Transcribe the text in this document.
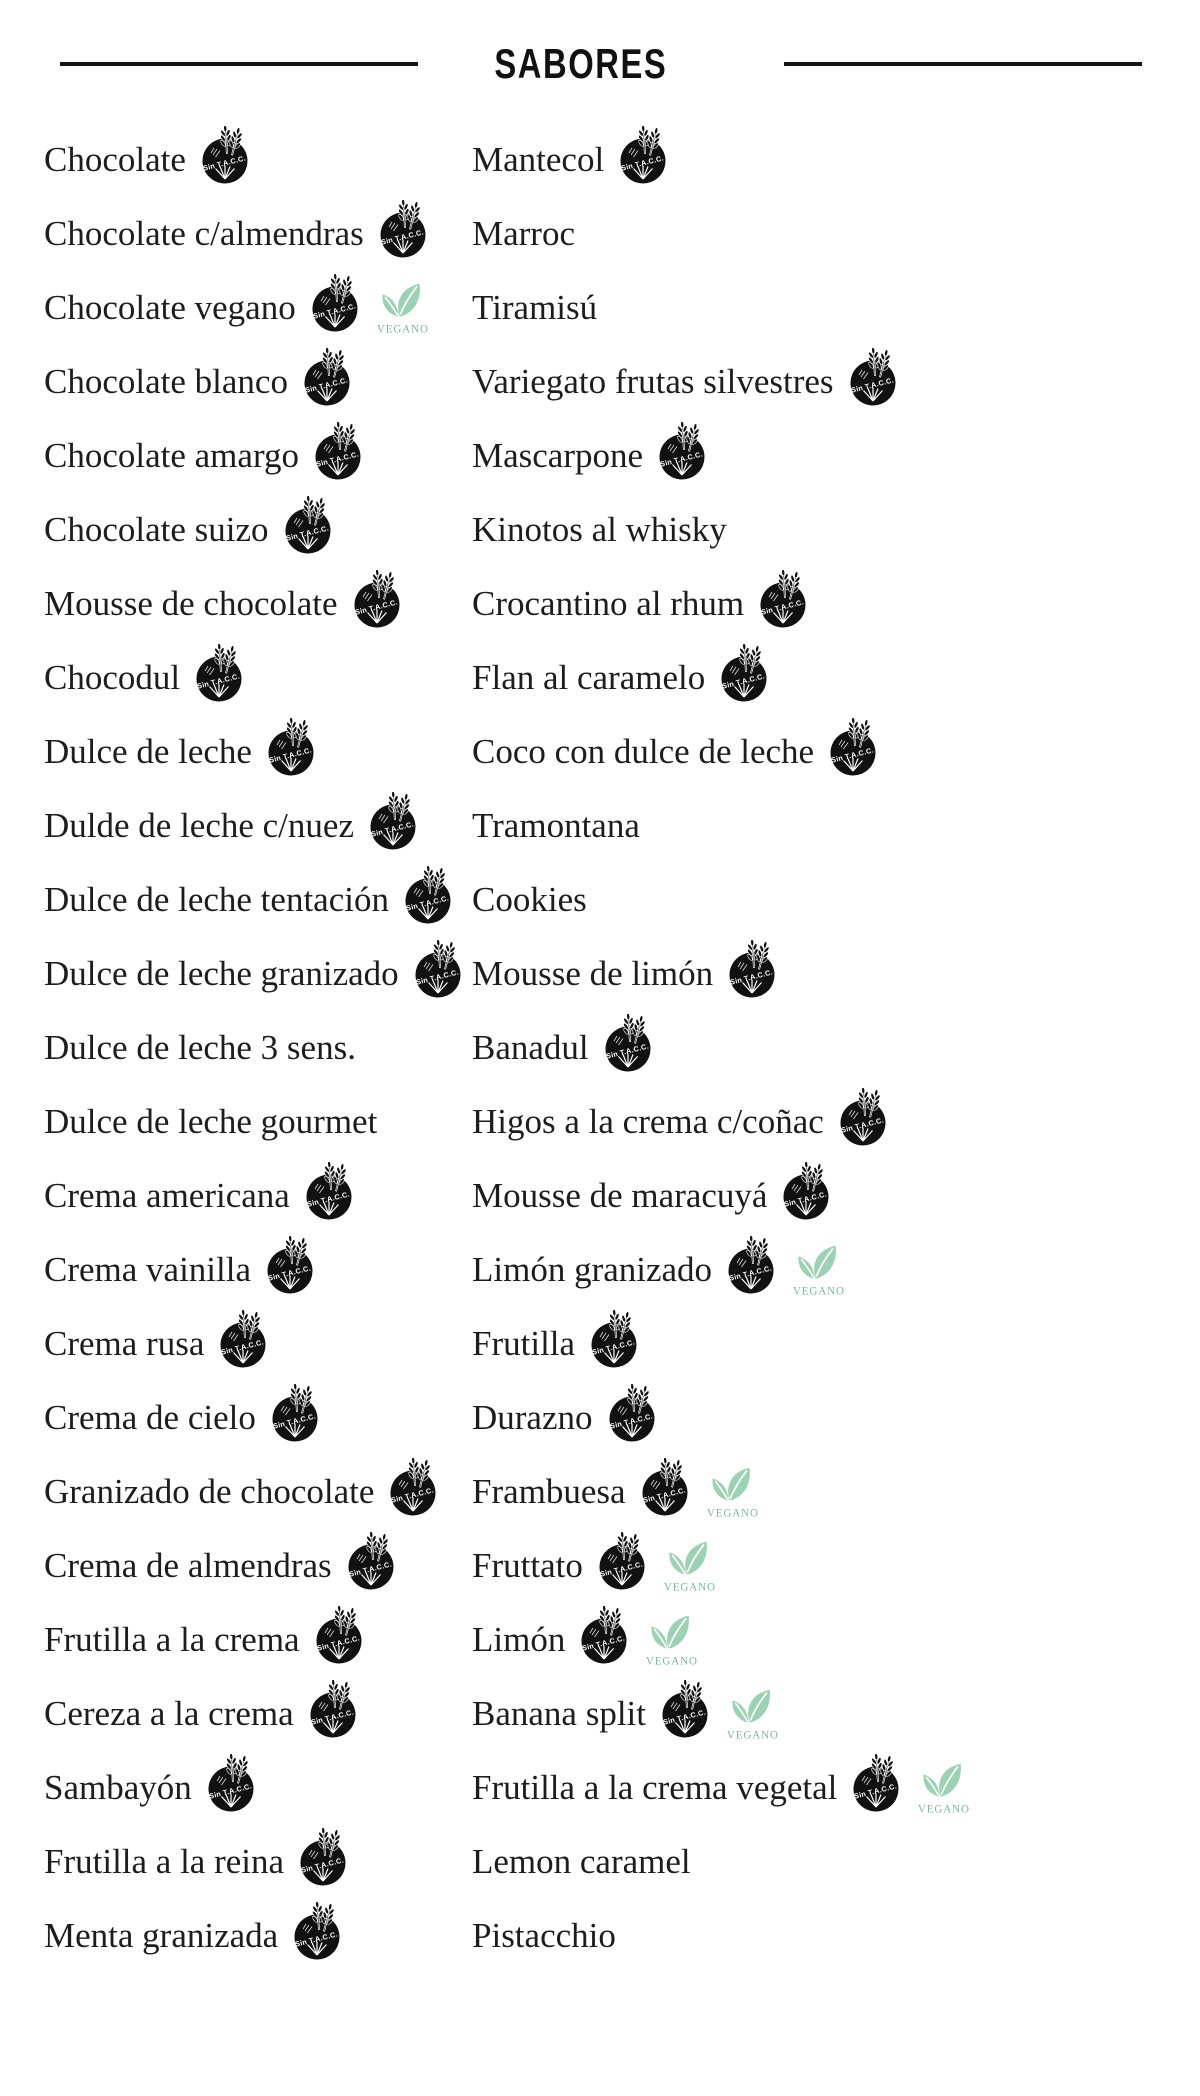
SABORES
Chocolate
Chocolate c/almendras
Chocolate vegano
Chocolate blanco
Chocolate amargo
Chocolate suizo
Mousse de chocolate
Chocodul
Dulce de leche
Dulde de leche c/nuez
Dulce de leche tentación
Dulce de leche granizado
Dulce de leche 3 sens.
Dulce de leche gourmet
Crema americana
Crema vainilla
Crema rusa
Crema de cielo
Granizado de chocolate
Crema de almendras
Frutilla a la crema
Cereza a la crema
Sambayón
Frutilla a la reina
Menta granizada
Mantecol
Marroc
Tiramisú
Variegato frutas silvestres
Mascarpone
Kinotos al whisky
Crocantino al rhum
Flan al caramelo
Coco con dulce de leche
Tramontana
Cookies
Mousse de limón
Banadul
Higos a la crema c/coñac
Mousse de maracuyá
Limón granizado
Frutilla
Durazno
Frambuesa
Fruttato
Limón
Banana split
Frutilla a la crema vegetal
Lemon caramel
Pistacchio
